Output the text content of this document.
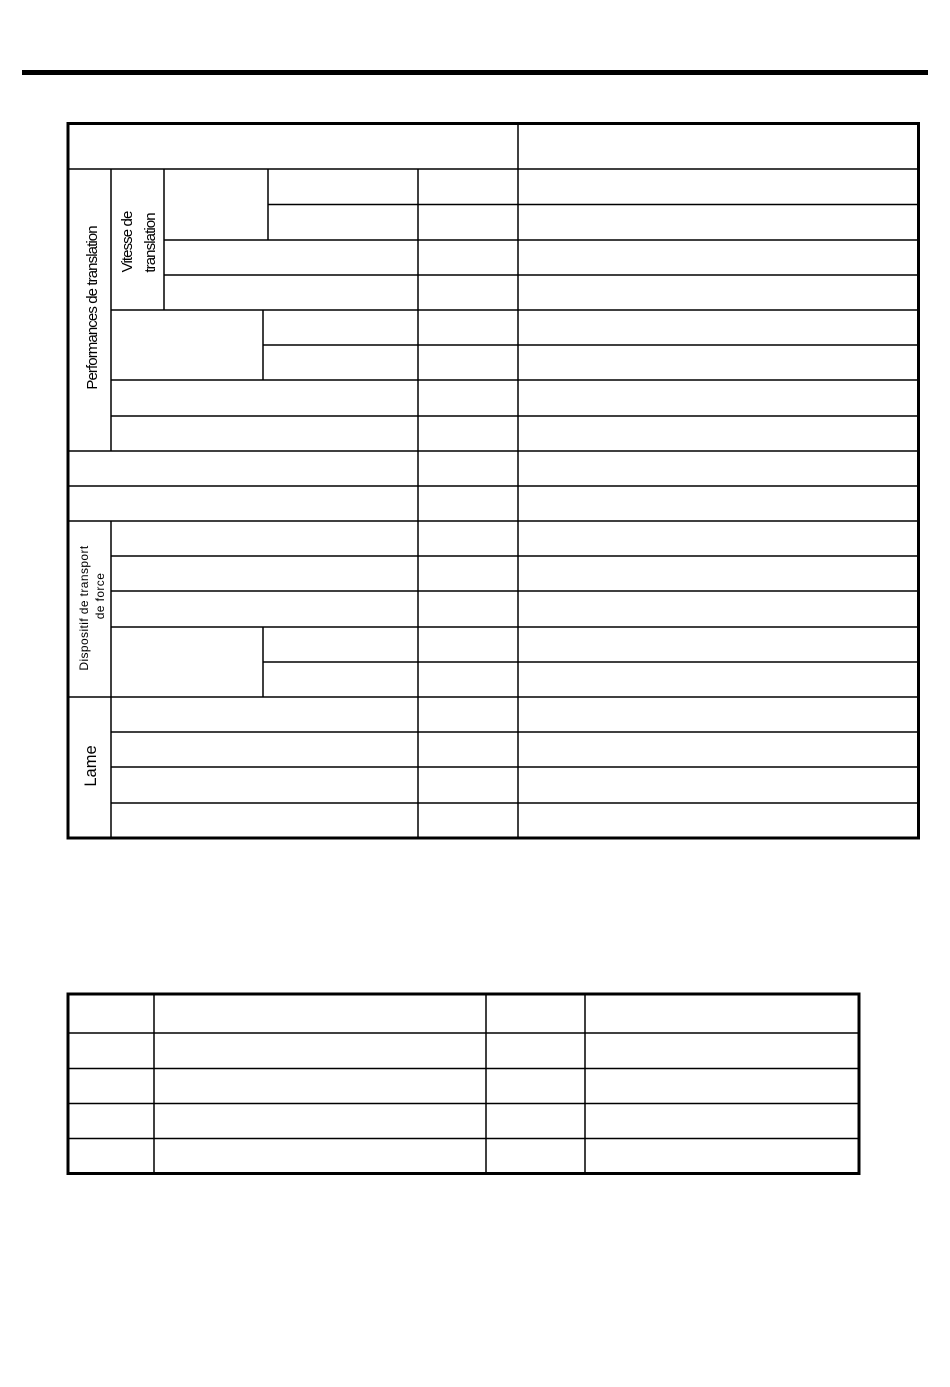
Performances de translation Vitesse de translation
Dispositif de transport de force
Lame
